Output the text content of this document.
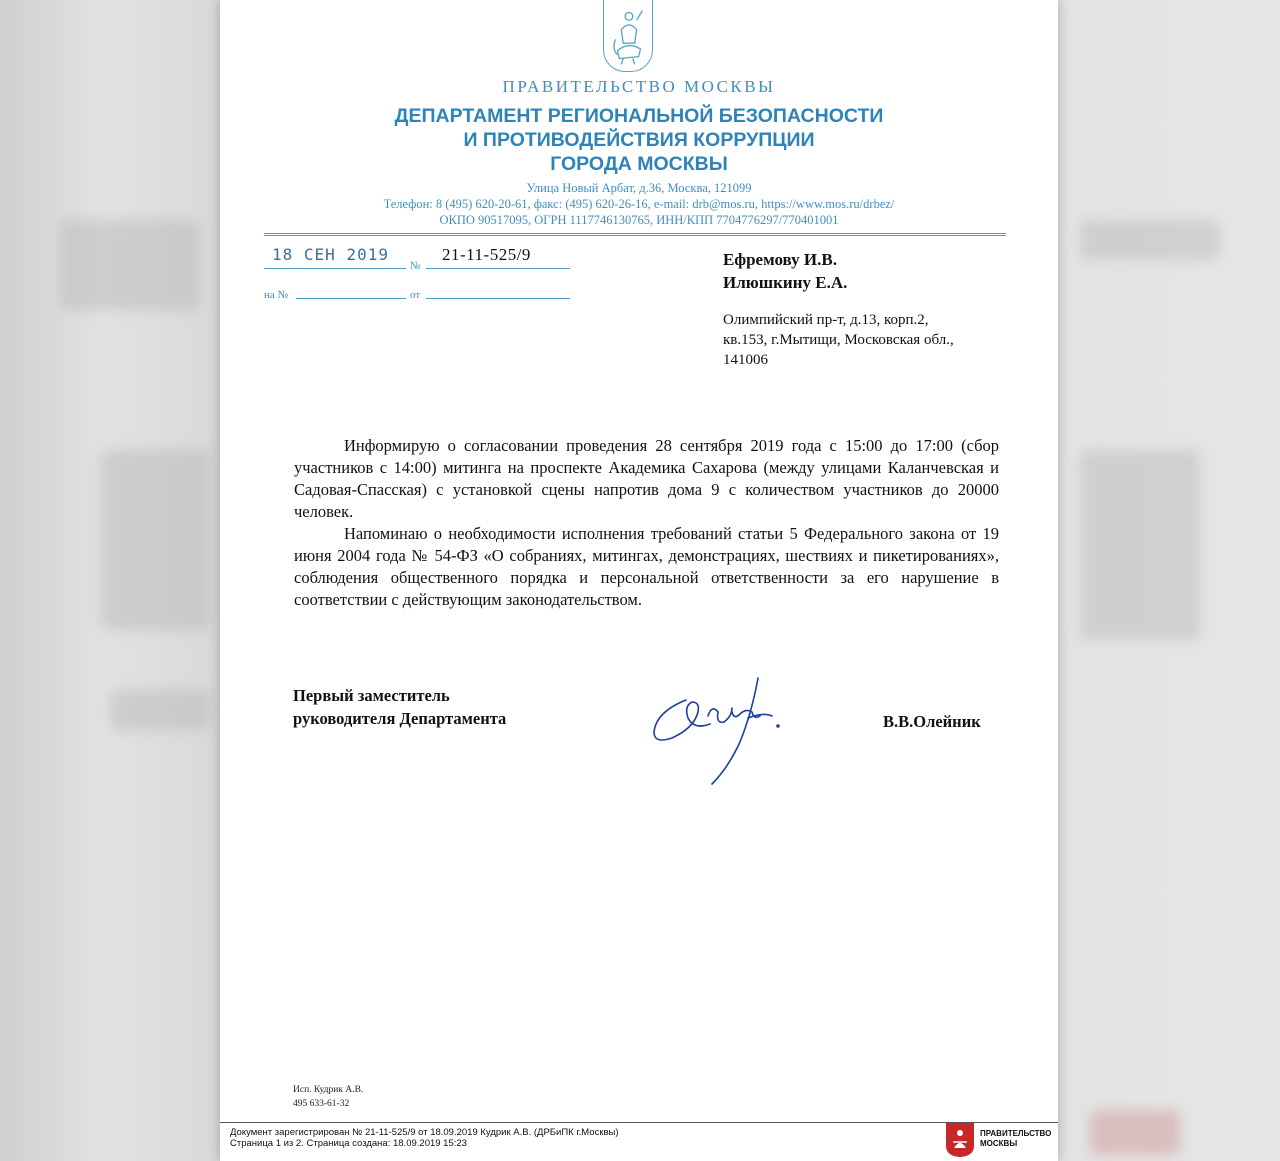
ПРАВИТЕЛЬСТВО МОСКВЫ
ДЕПАРТАМЕНТ РЕГИОНАЛЬНОЙ БЕЗОПАСНОСТИ
И ПРОТИВОДЕЙСТВИЯ КОРРУПЦИИ
ГОРОДА МОСКВЫ
Улица Новый Арбат, д.36, Москва, 121099
Телефон: 8 (495) 620-20-61, факс: (495) 620-26-16, e-mail: drb@mos.ru, https://www.mos.ru/drbez/
ОКПО 90517095, ОГРН 1117746130765, ИНН/КПП 7704776297/770401001
18 СЕН 2019
№
21-11-525/9
на №	от
Ефремову И.В.
Илюшкину Е.А.
Олимпийский пр-т, д.13, корп.2,
кв.153, г.Мытищи, Московская обл.,
141006

Информирую о согласовании проведения 28 сентября 2019 года с 15:00 до 17:00 (сбор участников с 14:00) митинга на проспекте Академика Сахарова (между улицами Каланчевская и Садовая-Спасская) с установкой сцены напротив дома 9 с количеством участников до 20000 человек.

Напоминаю о необходимости исполнения требований статьи 5 Федерального закона от 19 июня 2004 года № 54-ФЗ «О собраниях, митингах, демонстрациях, шествиях и пикетированиях», соблюдения общественного порядка и персональной ответственности за его нарушение в соответствии с действующим законодательством.

Первый заместитель
руководителя Департамента	В.В.Олейник
Исп. Кудрик А.В.
495 633-61-32
Документ зарегистрирован № 21-11-525/9 от 18.09.2019 Кудрик А.В. (ДРБиПК г.Москвы)
Страница 1 из 2. Страница создана: 18.09.2019 15:23
ПРАВИТЕЛЬСТВО
МОСКВЫ
